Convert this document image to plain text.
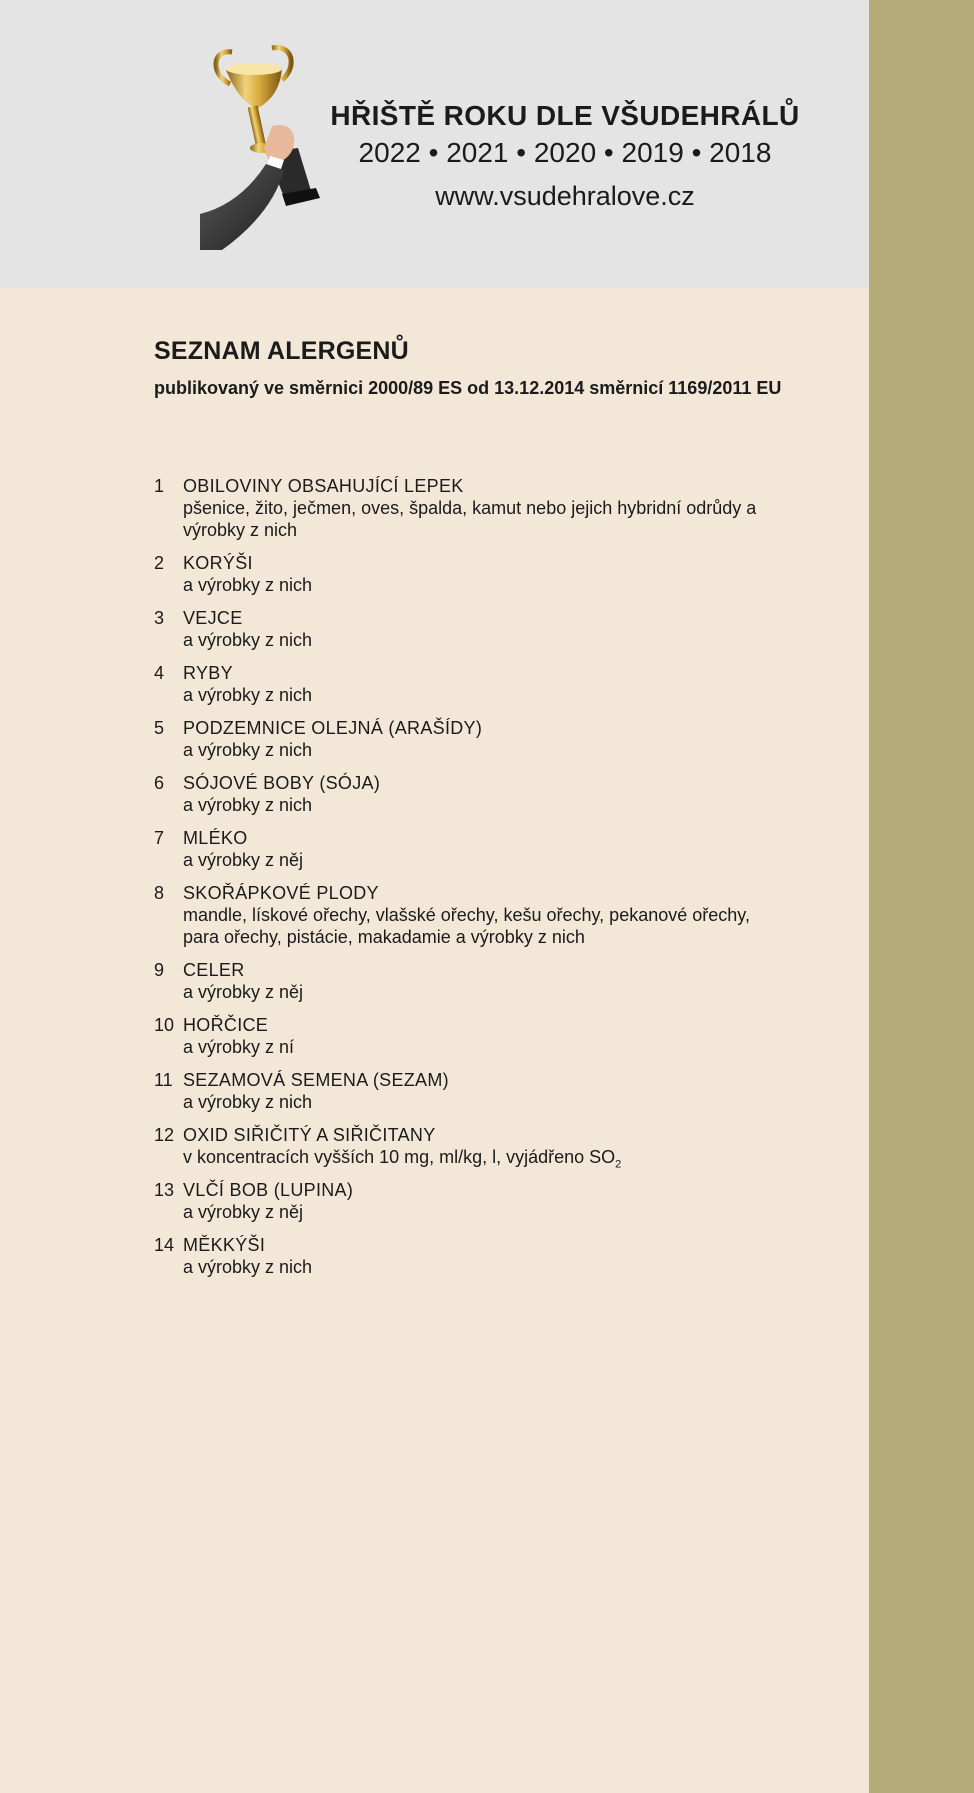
HŘIŠTĚ ROKU DLE VŠUDEHRÁLŮ
2022 • 2021 • 2020 • 2019 • 2018
www.vsudehralove.cz
SEZNAM ALERGENŮ
publikovaný ve směrnici 2000/89 ES od 13.12.2014 směrnicí 1169/2011 EU
1 OBILOVINY OBSAHUJÍCÍ LEPEK
pšenice, žito, ječmen, oves, špalda, kamut nebo jejich hybridní odrůdy a výrobky z nich
2 KORÝŠI
a výrobky z nich
3 VEJCE
a výrobky z nich
4 RYBY
a výrobky z nich
5 PODZEMNICE OLEJNÁ (ARAŠÍDY)
a výrobky z nich
6 SÓJOVÉ BOBY (SÓJA)
a výrobky z nich
7 MLÉKO
a výrobky z něj
8 SKOŘÁPKOVÉ PLODY
mandle, lískové ořechy, vlašské ořechy, kešu ořechy, pekanové ořechy, para ořechy, pistácie, makadamie a výrobky z nich
9 CELER
a výrobky z něj
10 HOŘČICE
a výrobky z ní
11 SEZAMOVÁ SEMENA (SEZAM)
a výrobky z nich
12 OXID SIŘIČITÝ A SIŘIČITANY
v koncentracích vyšších 10 mg, ml/kg, l, vyjádřeno $SO_2$
13 VLČÍ BOB (LUPINA)
a výrobky z něj
14 MĚKKÝŠI
a výrobky z nich
